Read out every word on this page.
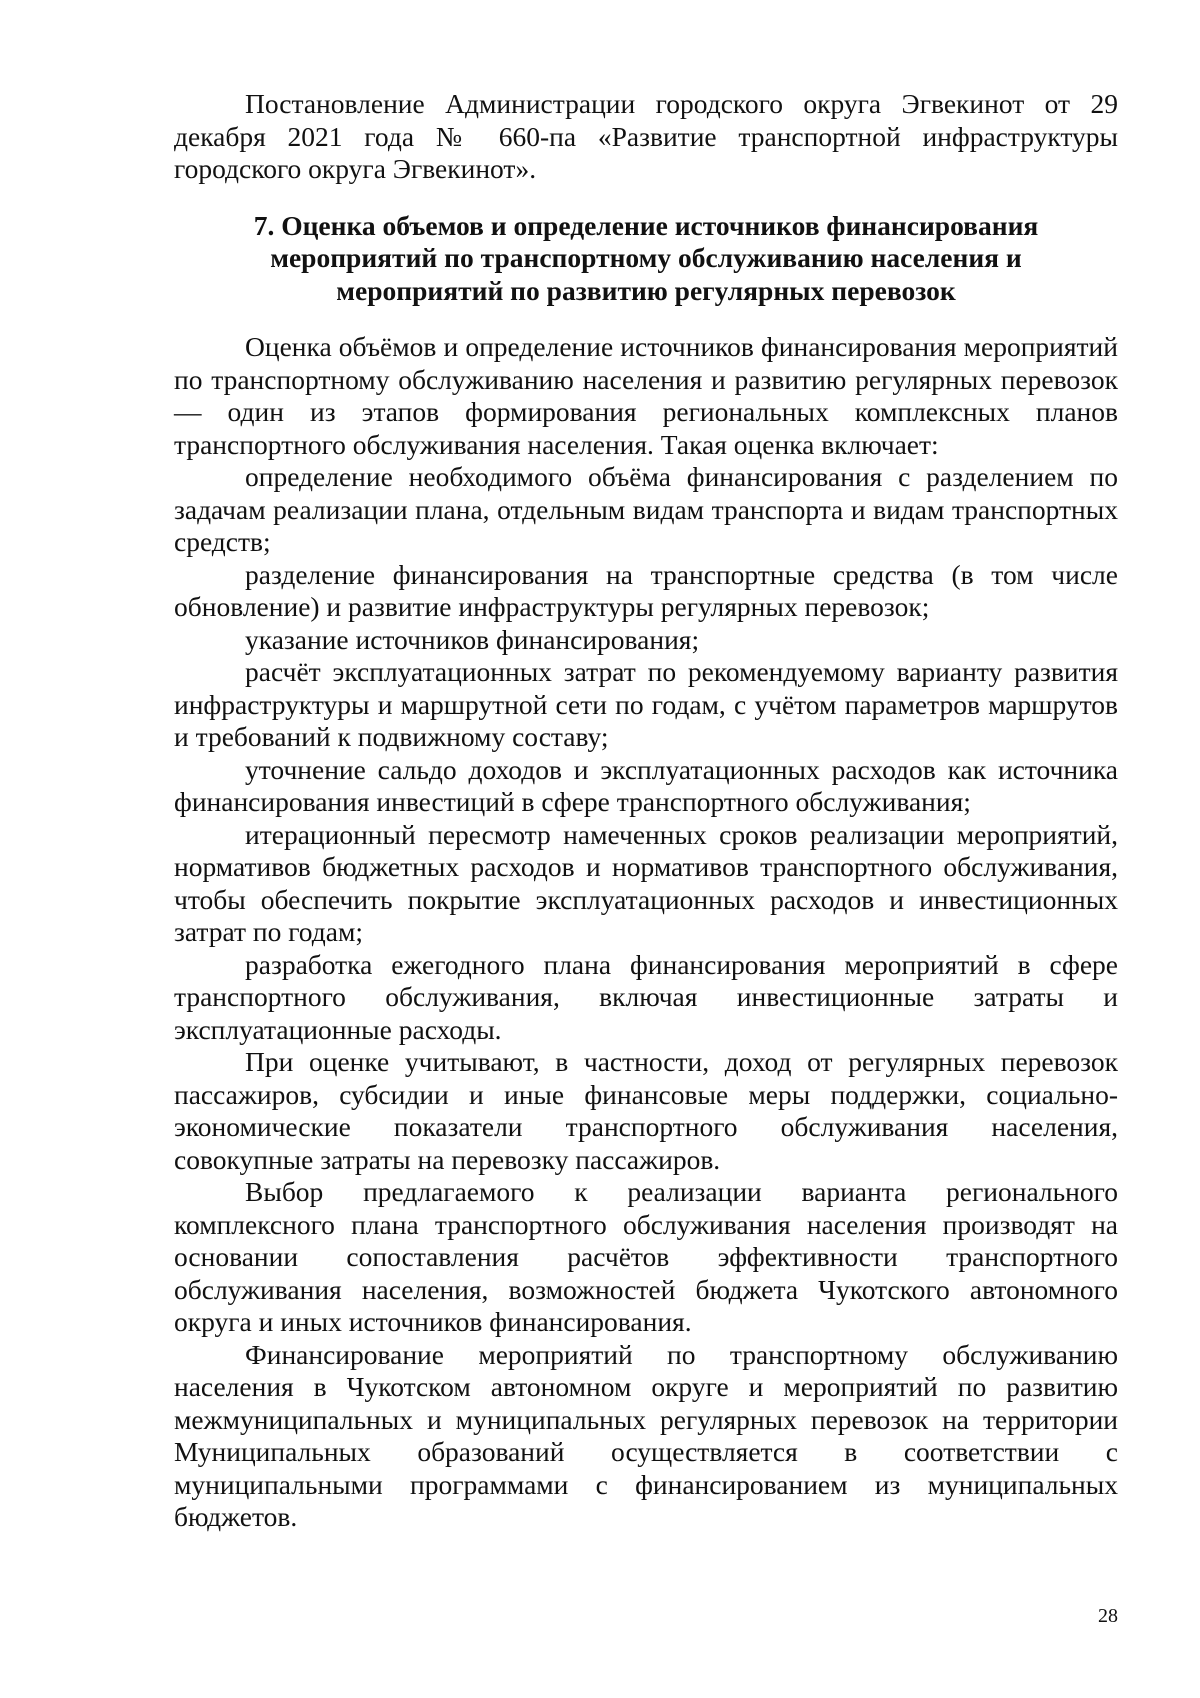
Постановление Администрации городского округа Эгвекинот от 29 декабря 2021 года № 660-па «Развитие транспортной инфраструктуры городского округа Эгвекинот».

7. Оценка объемов и определение источников финансирования
мероприятий по транспортному обслуживанию населения и
мероприятий по развитию регулярных перевозок

Оценка объёмов и определение источников финансирования мероприятий по транспортному обслуживанию населения и развитию регулярных перевозок — один из этапов формирования региональных комплексных планов транспортного обслуживания населения. Такая оценка включает:

определение необходимого объёма финансирования с разделением по задачам реализации плана, отдельным видам транспорта и видам транспортных средств;

разделение финансирования на транспортные средства (в том числе обновление) и развитие инфраструктуры регулярных перевозок;

указание источников финансирования;

расчёт эксплуатационных затрат по рекомендуемому варианту развития инфраструктуры и маршрутной сети по годам, с учётом параметров маршрутов и требований к подвижному составу;

уточнение сальдо доходов и эксплуатационных расходов как источника финансирования инвестиций в сфере транспортного обслуживания;

итерационный пересмотр намеченных сроков реализации мероприятий, нормативов бюджетных расходов и нормативов транспортного обслуживания, чтобы обеспечить покрытие эксплуатационных расходов и инвестиционных затрат по годам;

разработка ежегодного плана финансирования мероприятий в сфере транспортного обслуживания, включая инвестиционные затраты и эксплуатационные расходы.

При оценке учитывают, в частности, доход от регулярных перевозок пассажиров, субсидии и иные финансовые меры поддержки, социально-экономические показатели транспортного обслуживания населения, совокупные затраты на перевозку пассажиров.

Выбор предлагаемого к реализации варианта регионального комплексного плана транспортного обслуживания населения производят на основании сопоставления расчётов эффективности транспортного обслуживания населения, возможностей бюджета Чукотского автономного округа и иных источников финансирования.

Финансирование мероприятий по транспортному обслуживанию населения в Чукотском автономном округе и мероприятий по развитию межмуниципальных и муниципальных регулярных перевозок на территории Муниципальных образований осуществляется в соответствии с муниципальными программами с финансированием из муниципальных бюджетов.

28
